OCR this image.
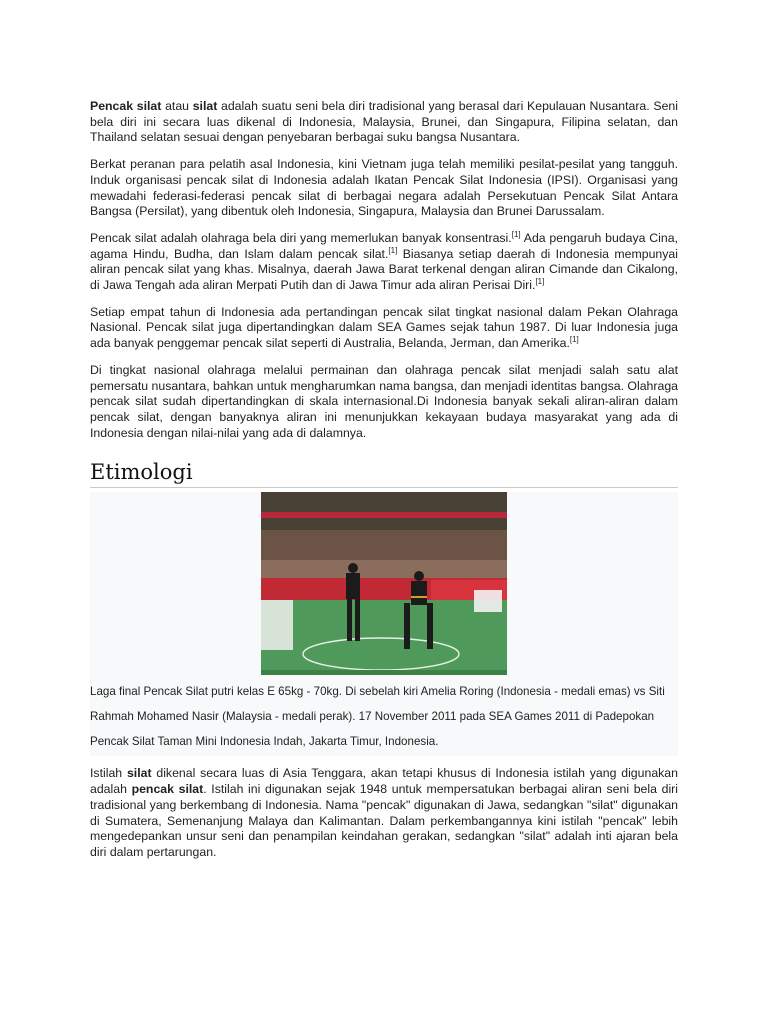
Pencak silat atau silat adalah suatu seni bela diri tradisional yang berasal dari Kepulauan Nusantara. Seni bela diri ini secara luas dikenal di Indonesia, Malaysia, Brunei, dan Singapura, Filipina selatan, dan Thailand selatan sesuai dengan penyebaran berbagai suku bangsa Nusantara.

Berkat peranan para pelatih asal Indonesia, kini Vietnam juga telah memiliki pesilat-pesilat yang tangguh. Induk organisasi pencak silat di Indonesia adalah Ikatan Pencak Silat Indonesia (IPSI). Organisasi yang mewadahi federasi-federasi pencak silat di berbagai negara adalah Persekutuan Pencak Silat Antara Bangsa (Persilat), yang dibentuk oleh Indonesia, Singapura, Malaysia dan Brunei Darussalam.

Pencak silat adalah olahraga bela diri yang memerlukan banyak konsentrasi.[1] Ada pengaruh budaya Cina, agama Hindu, Budha, dan Islam dalam pencak silat.[1] Biasanya setiap daerah di Indonesia mempunyai aliran pencak silat yang khas. Misalnya, daerah Jawa Barat terkenal dengan aliran Cimande dan Cikalong, di Jawa Tengah ada aliran Merpati Putih dan di Jawa Timur ada aliran Perisai Diri.[1]

Setiap empat tahun di Indonesia ada pertandingan pencak silat tingkat nasional dalam Pekan Olahraga Nasional. Pencak silat juga dipertandingkan dalam SEA Games sejak tahun 1987. Di luar Indonesia juga ada banyak penggemar pencak silat seperti di Australia, Belanda, Jerman, dan Amerika.[1]

Di tingkat nasional olahraga melalui permainan dan olahraga pencak silat menjadi salah satu alat pemersatu nusantara, bahkan untuk mengharumkan nama bangsa, dan menjadi identitas bangsa. Olahraga pencak silat sudah dipertandingkan di skala internasional.Di Indonesia banyak sekali aliran-aliran dalam pencak silat, dengan banyaknya aliran ini menunjukkan kekayaan budaya masyarakat yang ada di Indonesia dengan nilai-nilai yang ada di dalamnya.

Etimologi
Laga final Pencak Silat putri kelas E 65kg - 70kg. Di sebelah kiri Amelia Roring (Indonesia - medali emas) vs Siti Rahmah Mohamed Nasir (Malaysia - medali perak). 17 November 2011 pada SEA Games 2011 di Padepokan Pencak Silat Taman Mini Indonesia Indah, Jakarta Timur, Indonesia.

Istilah silat dikenal secara luas di Asia Tenggara, akan tetapi khusus di Indonesia istilah yang digunakan adalah pencak silat. Istilah ini digunakan sejak 1948 untuk mempersatukan berbagai aliran seni bela diri tradisional yang berkembang di Indonesia. Nama "pencak" digunakan di Jawa, sedangkan "silat" digunakan di Sumatera, Semenanjung Malaya dan Kalimantan. Dalam perkembangannya kini istilah "pencak" lebih mengedepankan unsur seni dan penampilan keindahan gerakan, sedangkan "silat" adalah inti ajaran bela diri dalam pertarungan.
